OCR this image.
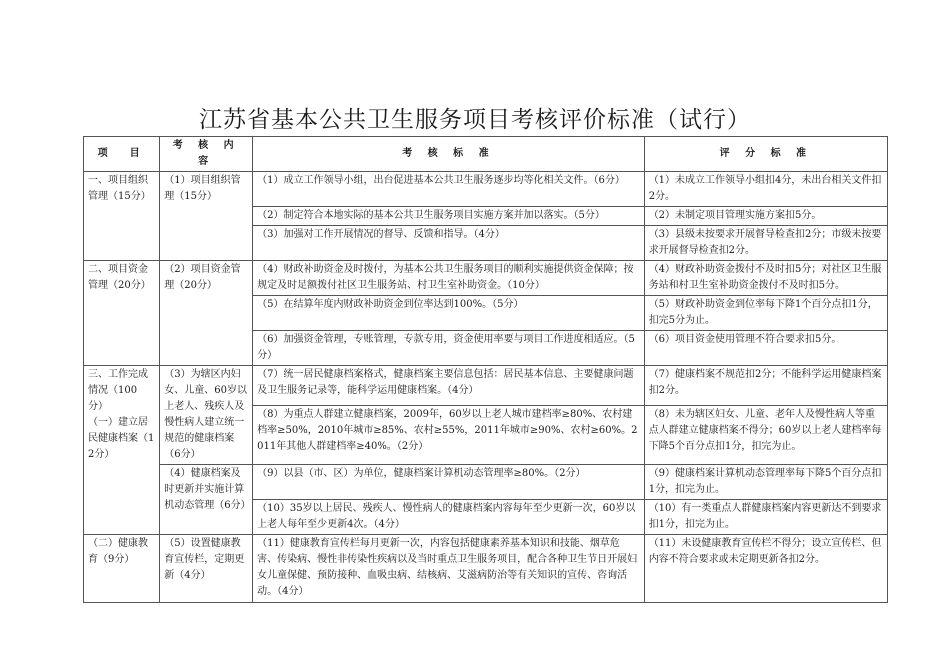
江苏省基本公共卫生服务项目考核评价标准（试行）
项　目	考 核 内 容	考 核 标 准	评 分 标 准
一、项目组织管理（15分）	（1）项目组织管理（15分）	（1）成立工作领导小组，出台促进基本公共卫生服务逐步均等化相关文件。（6分）	（1）未成立工作领导小组扣4分，未出台相关文件扣2分。
		（2）制定符合本地实际的基本公共卫生服务项目实施方案并加以落实。（5分）	（2）未制定项目管理实施方案扣5分。
		（3）加强对工作开展情况的督导、反馈和指导。（4分）	（3）县级未按要求开展督导检查扣2分；市级未按要求开展督导检查扣2分。
二、项目资金管理（20分）	（2）项目资金管理（20分）	（4）财政补助资金及时拨付，为基本公共卫生服务项目的顺利实施提供资金保障；按规定及时足额拨付社区卫生服务站、村卫生室补助资金。（10分）	（4）财政补助资金拨付不及时扣5分；对社区卫生服务站和村卫生室补助资金拨付不及时扣5分。
		（5）在结算年度内财政补助资金到位率达到100%。（5分）	（5）财政补助资金到位率每下降1个百分点扣1分，扣完5分为止。
		（6）加强资金管理，专账管理，专款专用，资金使用率要与项目工作进度相适应。（5分）	（6）项目资金使用管理不符合要求扣5分。
三、工作完成情况（100分）
（一）建立居民健康档案（12分）	（3）为辖区内妇女、儿童、60岁以上老人、残疾人及慢性病人建立统一规范的健康档案（6分）	（7）统一居民健康档案格式，健康档案主要信息包括：居民基本信息、主要健康问题及卫生服务记录等，能科学运用健康档案。（4分）	（7）健康档案不规范扣2分；不能科学运用健康档案扣2分。
		（8）为重点人群建立健康档案，2009年，60岁以上老人城市建档率≥80%、农村建档率≥50%，2010年城市≥85%、农村≥55%，2011年城市≥90%、农村≥60%。2011年其他人群建档率≥40%。（2分）	（8）未为辖区妇女、儿童、老年人及慢性病人等重点人群建立健康档案不得分；60岁以上老人建档率每下降5个百分点扣1分，扣完为止。
	（4）健康档案及时更新并实施计算机动态管理（6分）	（9）以县（市、区）为单位，健康档案计算机动态管理率≥80%。（2分）	（9）健康档案计算机动态管理率每下降5个百分点扣1分，扣完为止。
		（10）35岁以上居民、残疾人、慢性病人的健康档案内容每年至少更新一次，60岁以上老人每年至少更新4次。（4分）	（10）有一类重点人群健康档案内容更新达不到要求扣1分，扣完为止。
（二）健康教育（9分）	（5）设置健康教育宣传栏，定期更新（4分）	（11）健康教育宣传栏每月更新一次，内容包括健康素养基本知识和技能、烟草危害、传染病、慢性非传染性疾病以及当时重点卫生服务项目，配合各种卫生节日开展妇女儿童保健、预防接种、血吸虫病、结核病、艾滋病防治等有关知识的宣传、咨询活动。（4分）	（11）未设健康教育宣传栏不得分；设立宣传栏、但内容不符合要求或未定期更新各扣2分。
